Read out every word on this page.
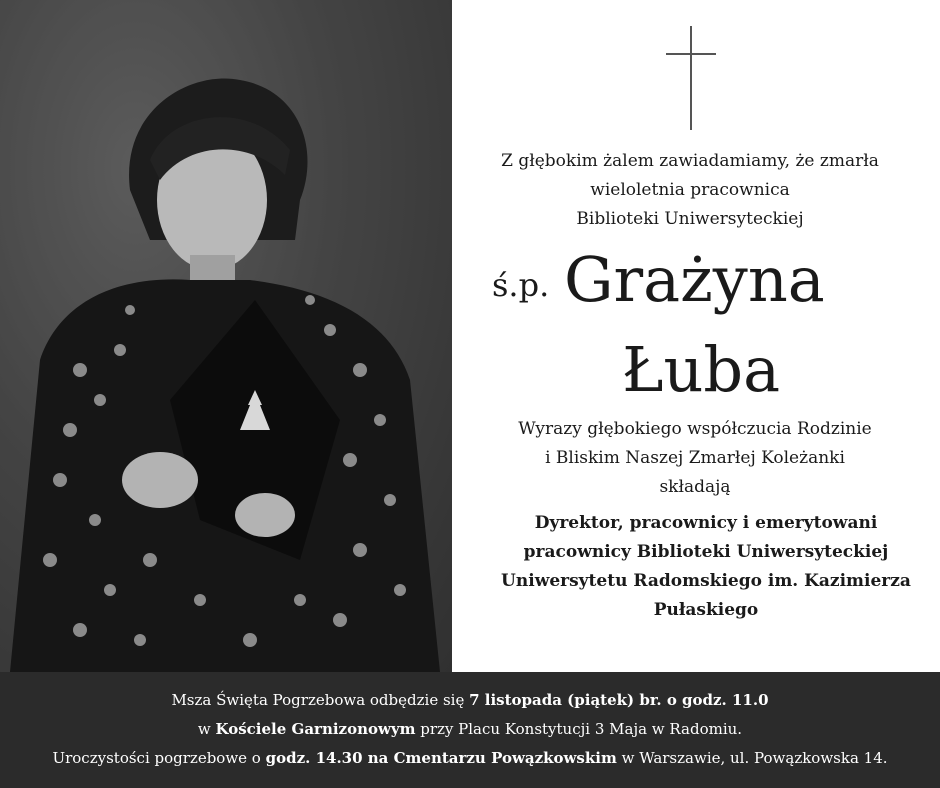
Z głębokim żalem zawiadamiamy, że zmarła
wieloletnia pracownica
Biblioteki Uniwersyteckiej
ś.p. Grażyna
Łuba
Wyrazy głębokiego współczucia Rodzinie
i Bliskim Naszej Zmarłej Koleżanki
składają
Dyrektor, pracownicy i emerytowani
pracownicy Biblioteki Uniwersyteckiej
Uniwersytetu Radomskiego im. Kazimierza
Pułaskiego
Msza Święta Pogrzebowa odbędzie się 7 listopada (piątek) br. o godz. 11.0
w Kościele Garnizonowym przy Placu Konstytucji 3 Maja w Radomiu.
Uroczystości pogrzebowe o godz. 14.30 na Cmentarzu Powązkowskim w Warszawie, ul. Powązkowska 14.
